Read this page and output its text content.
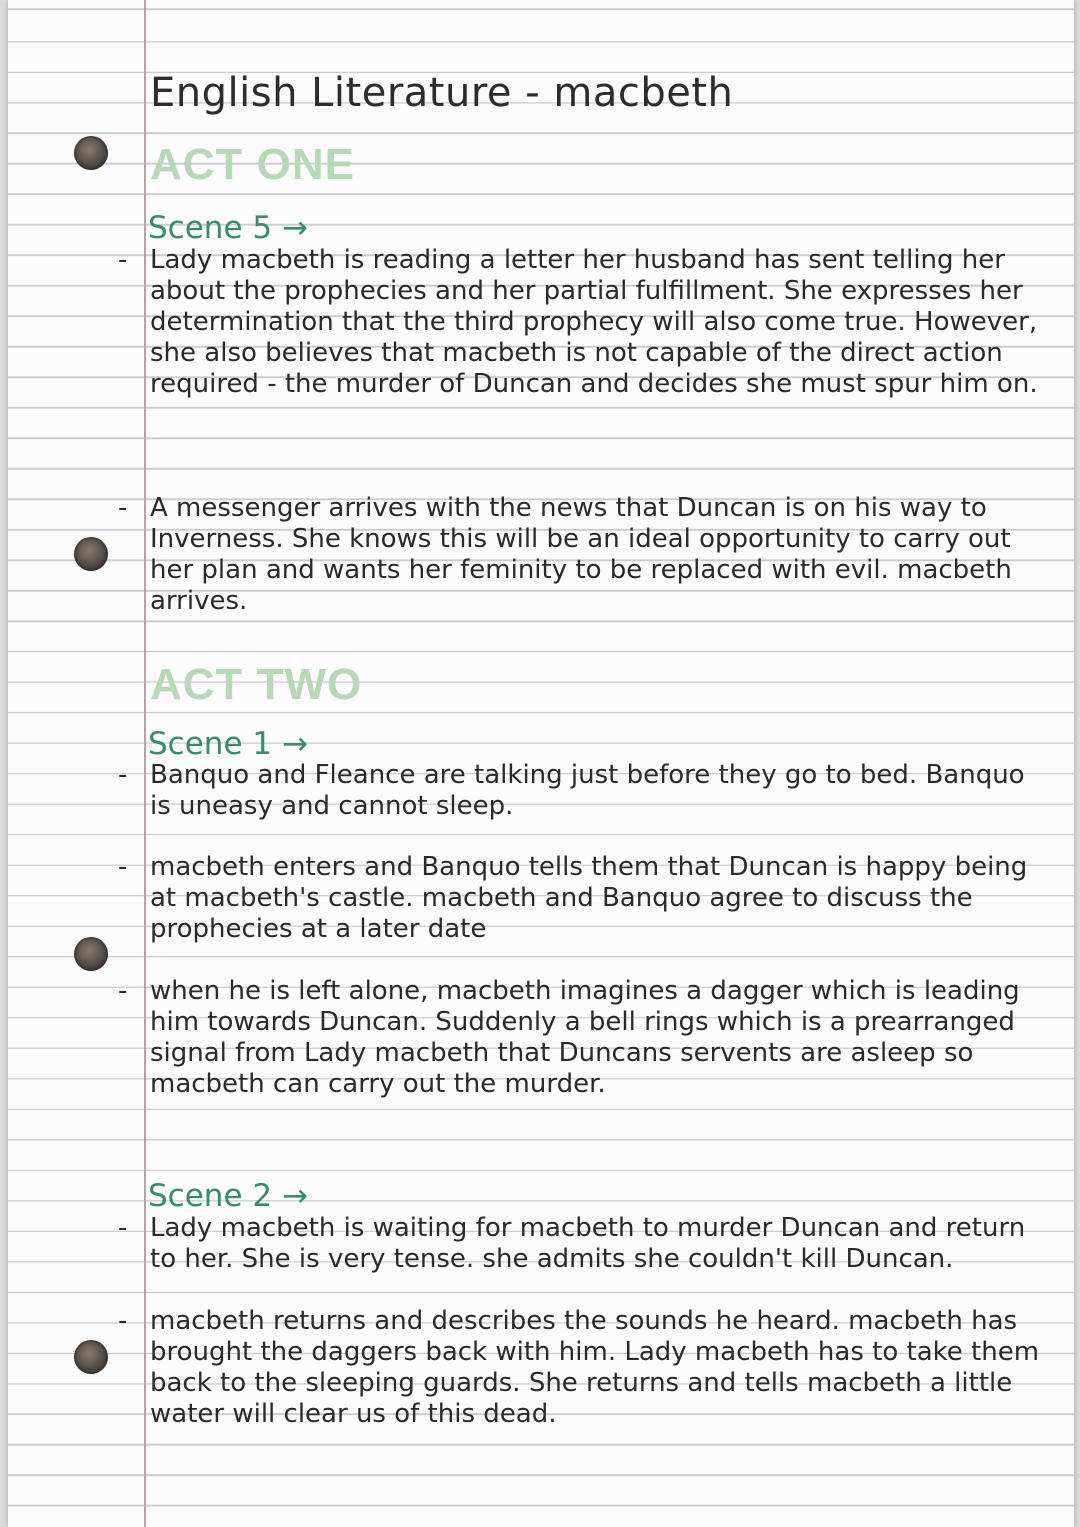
English Literature - macbeth
ACT ONE
Scene 5 →
- Lady macbeth is reading a letter her husband has sent telling her about the prophecies and her partial fulfillment. She expresses her determination that the third prophecy will also come true. However, she also believes that macbeth is not capable of the direct action required - the murder of Duncan and decides she must spur him on.

- A messenger arrives with the news that Duncan is on his way to Inverness. She knows this will be an ideal opportunity to carry out her plan and wants her feminity to be replaced with evil. macbeth arrives.

ACT TWO
Scene 1 →
- Banquo and Fleance are talking just before they go to bed. Banquo is uneasy and cannot sleep.

- macbeth enters and Banquo tells them that Duncan is happy being at macbeth's castle. macbeth and Banquo agree to discuss the prophecies at a later date

- when he is left alone, macbeth imagines a dagger which is leading him towards Duncan. Suddenly a bell rings which is a prearranged signal from Lady macbeth that Duncans servents are asleep so macbeth can carry out the murder.

Scene 2 →
- Lady macbeth is waiting for macbeth to murder Duncan and return to her. She is very tense. she admits she couldn't kill Duncan.

- macbeth returns and describes the sounds he heard. macbeth has brought the daggers back with him. Lady macbeth has to take them back to the sleeping guards. She returns and tells macbeth a little water will clear us of this dead.
